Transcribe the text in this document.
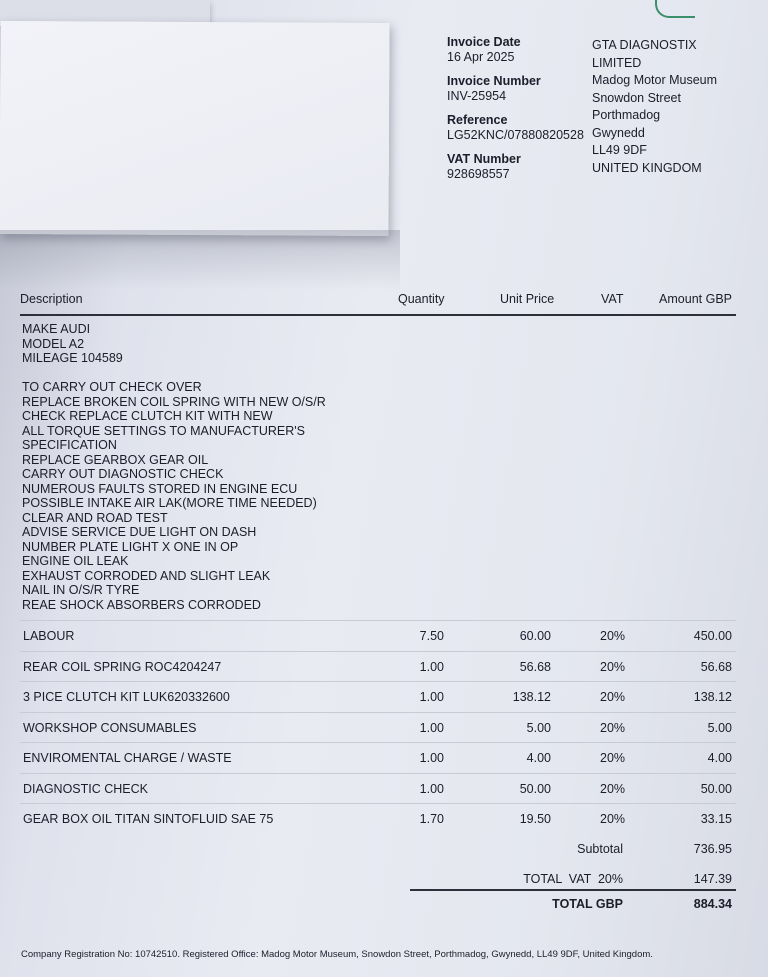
Invoice Date
16 Apr 2025
Invoice Number
INV-25954
Reference
LG52KNC/07880820528
VAT Number
928698557
GTA DIAGNOSTIX
LIMITED
Madog Motor Museum
Snowdon Street
Porthmadog
Gwynedd
LL49 9DF
UNITED KINGDOM
Description	Quantity	Unit Price	VAT	Amount GBP
MAKE AUDI
MODEL A2
MILEAGE 104589
TO CARRY OUT CHECK OVER
REPLACE BROKEN COIL SPRING WITH NEW O/S/R
CHECK REPLACE CLUTCH KIT WITH NEW
ALL TORQUE SETTINGS TO MANUFACTURER'S
SPECIFICATION
REPLACE GEARBOX GEAR OIL
CARRY OUT DIAGNOSTIC CHECK
NUMEROUS FAULTS STORED IN ENGINE ECU
POSSIBLE INTAKE AIR LAK(MORE TIME NEEDED)
CLEAR AND ROAD TEST
ADVISE SERVICE DUE LIGHT ON DASH
NUMBER PLATE LIGHT X ONE IN OP
ENGINE OIL LEAK
EXHAUST CORRODED AND SLIGHT LEAK
NAIL IN O/S/R TYRE
REAE SHOCK ABSORBERS CORRODED
LABOUR	7.50	60.00	20%	450.00
REAR COIL SPRING ROC4204247	1.00	56.68	20%	56.68
3 PICE CLUTCH KIT LUK620332600	1.00	138.12	20%	138.12
WORKSHOP CONSUMABLES	1.00	5.00	20%	5.00
ENVIROMENTAL CHARGE / WASTE	1.00	4.00	20%	4.00
DIAGNOSTIC CHECK	1.00	50.00	20%	50.00
GEAR BOX OIL TITAN SINTOFLUID SAE 75	1.70	19.50	20%	33.15
Subtotal	736.95
TOTAL  VAT  20%	147.39
TOTAL GBP	884.34
Company Registration No: 10742510. Registered Office: Madog Motor Museum, Snowdon Street, Porthmadog, Gwynedd, LL49 9DF, United Kingdom.
